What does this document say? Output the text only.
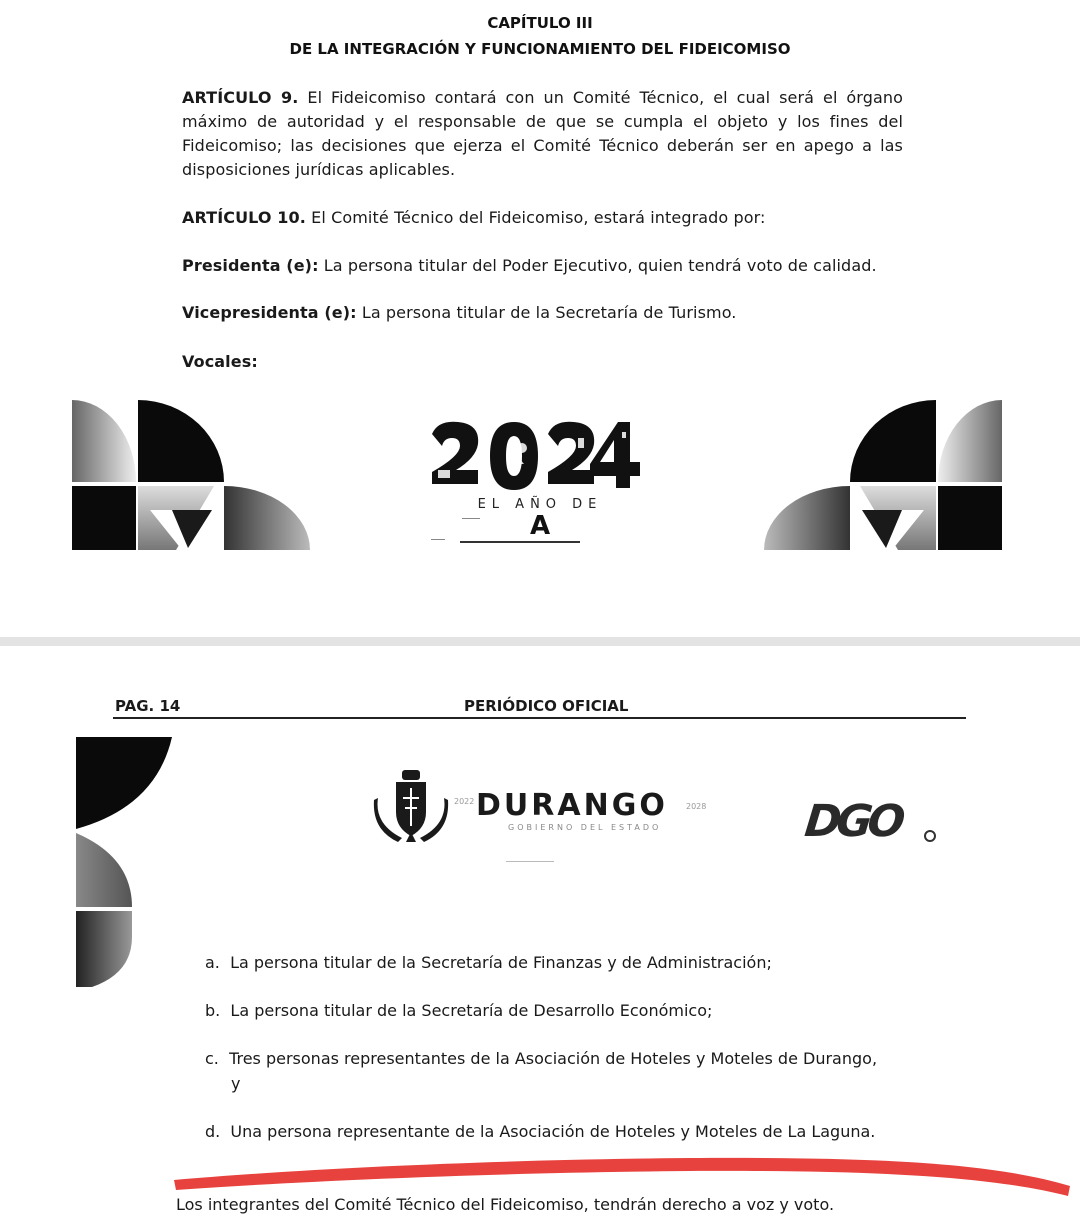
CAPÍTULO III
DE LA INTEGRACIÓN Y FUNCIONAMIENTO DEL FIDEICOMISO
ARTÍCULO 9. El Fideicomiso contará con un Comité Técnico, el cual será el órgano
máximo de autoridad y el responsable de que se cumpla el objeto y los fines del
Fideicomiso; las decisiones que ejerza el Comité Técnico deberán ser en apego a las
disposiciones jurídicas aplicables.
ARTÍCULO 10. El Comité Técnico del Fideicomiso, estará integrado por:
Presidenta (e): La persona titular del Poder Ejecutivo, quien tendrá voto de calidad.
Vicepresidenta (e): La persona titular de la Secretaría de Turismo.
Vocales:
EL AÑO DE
A
PAG. 14	PERIÓDICO OFICIAL
2022 DURANGO 2028
GOBIERNO DEL ESTADO	DGO
a. La persona titular de la Secretaría de Finanzas y de Administración;
b. La persona titular de la Secretaría de Desarrollo Económico;
c. Tres personas representantes de la Asociación de Hoteles y Moteles de Durango,
y
d. Una persona representante de la Asociación de Hoteles y Moteles de La Laguna.
Los integrantes del Comité Técnico del Fideicomiso, tendrán derecho a voz y voto.
